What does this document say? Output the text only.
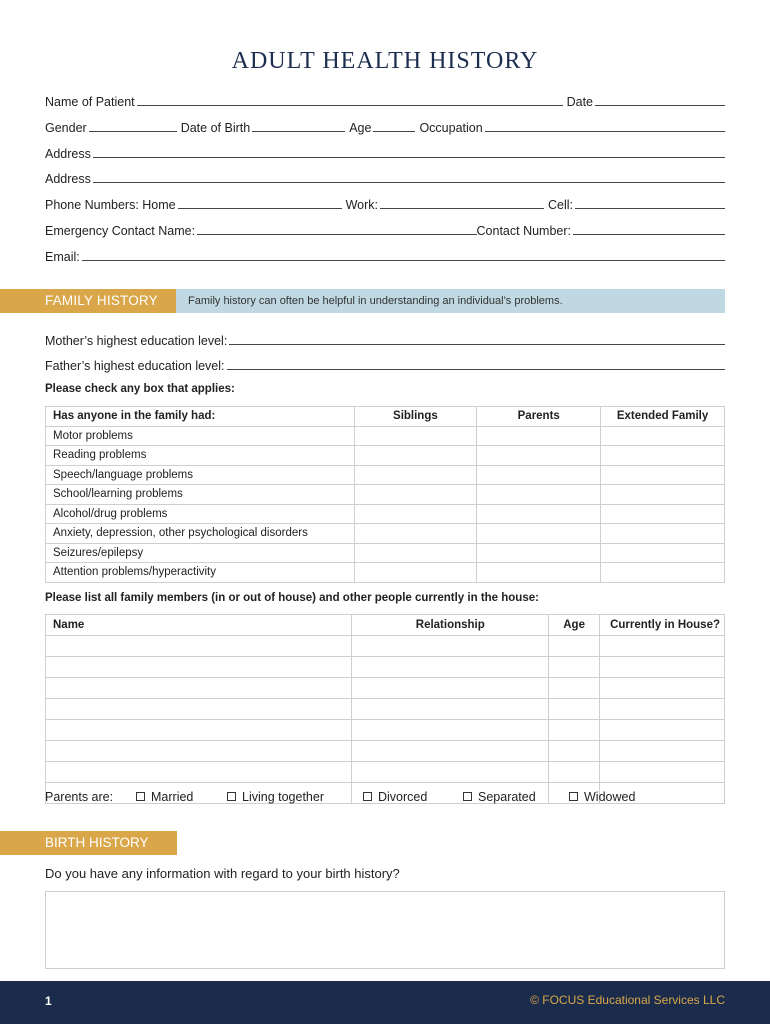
ADULT HEALTH HISTORY
Name of Patient	Date
Gender	Date of Birth	Age	Occupation
Address
Address
Phone Numbers: Home	Work:	Cell:
Emergency Contact Name:	Contact Number:
Email:
FAMILY HISTORY	Family history can often be helpful in understanding an individual’s problems.
Mother’s highest education level:
Father’s highest education level:
Please check any box that applies:
Has anyone in the family had:	Siblings	Parents	Extended Family
Motor problems			
Reading problems			
Speech/language problems			
School/learning problems			
Alcohol/drug problems			
Anxiety, depression, other psychological disorders			
Seizures/epilepsy			
Attention problems/hyperactivity			
Please list all family members (in or out of house) and other people currently in the house:
Name	Relationship	Age	Currently in House?

Parents are:	Married	Living together	Divorced	Separated	Widowed
BIRTH HISTORY
Do you have any information with regard to your birth history?
1	© FOCUS Educational Services LLC
